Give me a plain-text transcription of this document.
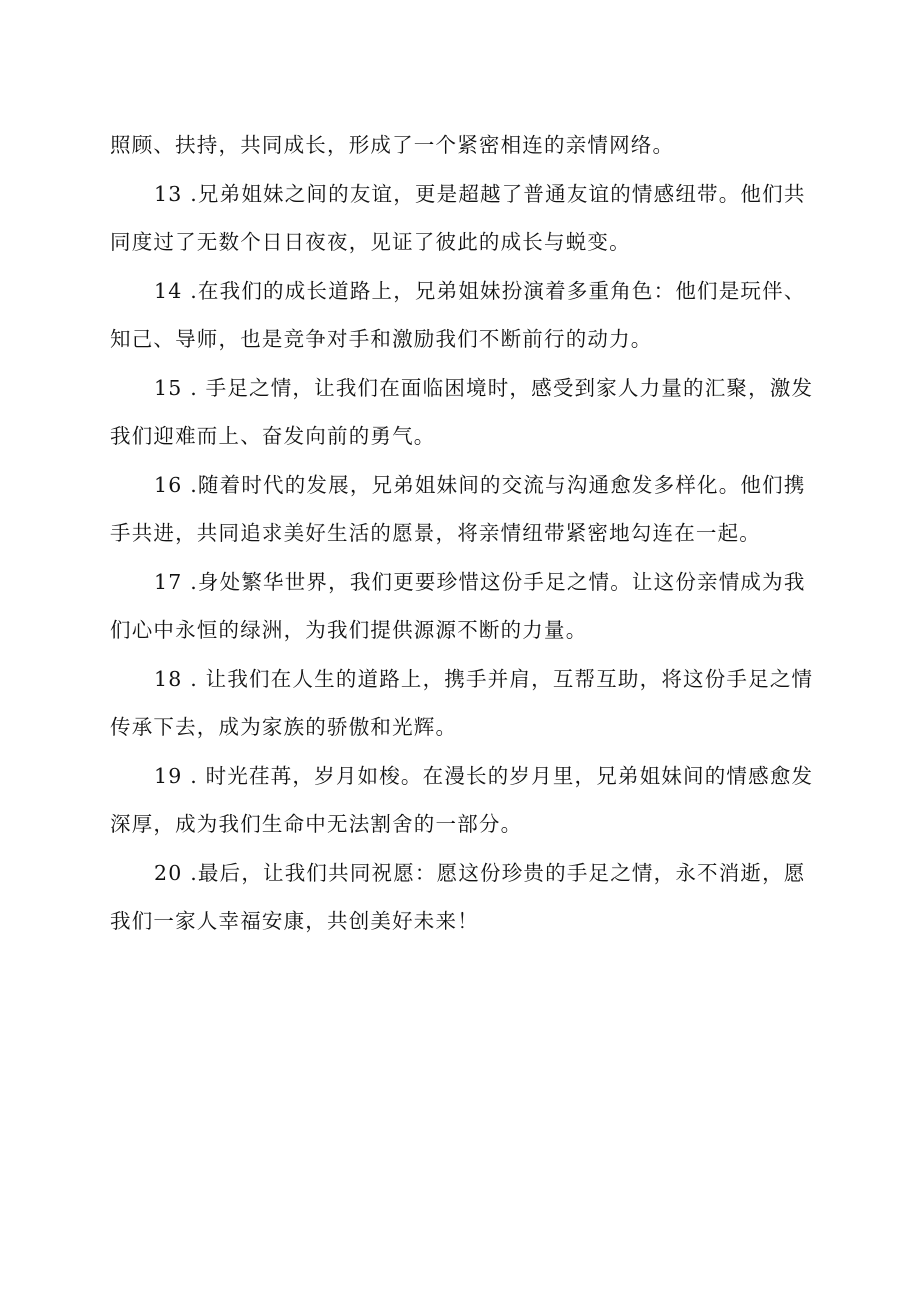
照顾、扶持，共同成长，形成了一个紧密相连的亲情网络。
13 .兄弟姐妹之间的友谊，更是超越了普通友谊的情感纽带。他们共
同度过了无数个日日夜夜，见证了彼此的成长与蜕变。
14 .在我们的成长道路上，兄弟姐妹扮演着多重角色：他们是玩伴、
知己、导师，也是竞争对手和激励我们不断前行的动力。
15 . 手足之情，让我们在面临困境时，感受到家人力量的汇聚，激发
我们迎难而上、奋发向前的勇气。
16 .随着时代的发展，兄弟姐妹间的交流与沟通愈发多样化。他们携
手共进，共同追求美好生活的愿景，将亲情纽带紧密地勾连在一起。
17 .身处繁华世界，我们更要珍惜这份手足之情。让这份亲情成为我
们心中永恒的绿洲，为我们提供源源不断的力量。
18 . 让我们在人生的道路上，携手并肩，互帮互助，将这份手足之情
传承下去，成为家族的骄傲和光辉。
19 . 时光荏苒，岁月如梭。在漫长的岁月里，兄弟姐妹间的情感愈发
深厚，成为我们生命中无法割舍的一部分。
20 .最后，让我们共同祝愿：愿这份珍贵的手足之情，永不消逝，愿
我们一家人幸福安康，共创美好未来！
